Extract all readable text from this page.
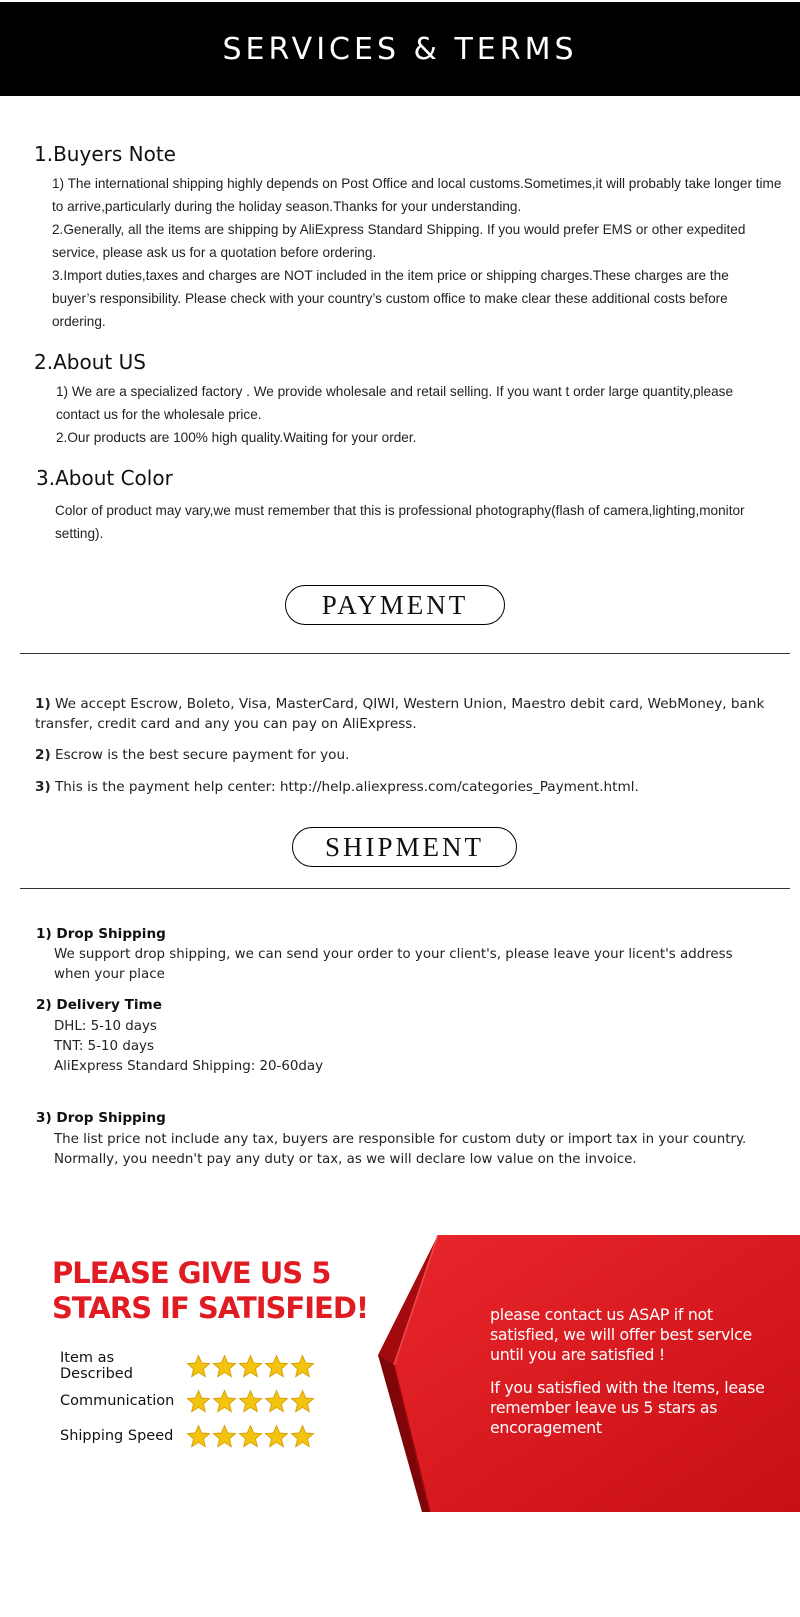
SERVICES & TERMS
1.Buyers Note
1) The international shipping highly depends on Post Office and local customs.Sometimes,it will probably take longer time to arrive,particularly during the holiday season.Thanks for your understanding.
2.Generally, all the items are shipping by AliExpress Standard Shipping. If you would prefer EMS or other expedited service, please ask us for a quotation before ordering.
3.Import duties,taxes and charges are NOT included in the item price or shipping charges.These charges are the buyer’s responsibility. Please check with your country’s custom office to make clear these additional costs before ordering.
2.About US
1) We are a specialized factory . We provide wholesale and retail selling. If you want t order large quantity,please contact us for the wholesale price.
2.Our products are 100% high quality.Waiting for your order.
3.About Color
Color of product may vary,we must remember that this is professional photography(flash of camera,lighting,monitor setting).
PAYMENT
1) We accept Escrow, Boleto, Visa, MasterCard, QIWI, Western Union, Maestro debit card, WebMoney, bank transfer, credit card and any you can pay on AliExpress.
2) Escrow is the best secure payment for you.
3) This is the payment help center: http://help.aliexpress.com/categories_Payment.html.
SHIPMENT
1) Drop Shipping
We support drop shipping, we can send your order to your client's, please leave your licent's address
when your place
2) Delivery Time
DHL: 5-10 days
TNT: 5-10 days
AliExpress Standard Shipping: 20-60day
3) Drop Shipping
The list price not include any tax, buyers are responsible for custom duty or import tax in your country.
Normally, you needn't pay any duty or tax, as we will declare low value on the invoice.
PLEASE GIVE US 5
STARS IF SATISFIED!
Item as Described
Communication
Shipping Speed
please contact us ASAP if not
satisfied, we will offer best servlce
until you are satisfied !
If you satisfied with the ltems, lease
remember leave us 5 stars as
encoragement
